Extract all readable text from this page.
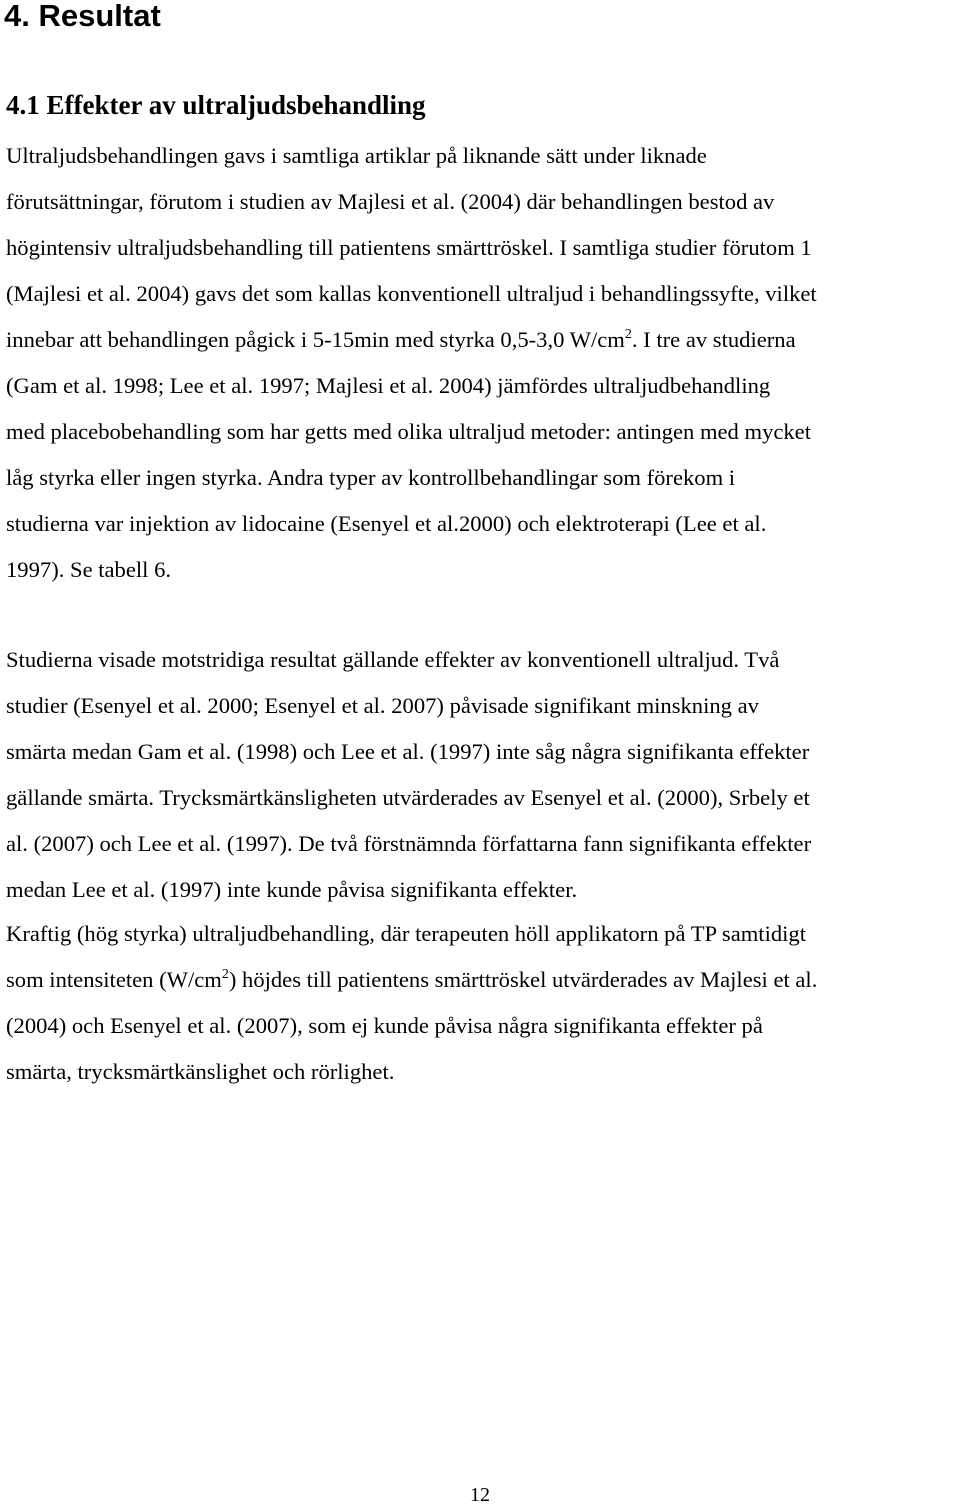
4. Resultat
4.1 Effekter av ultraljudsbehandling
Ultraljudsbehandlingen gavs i samtliga artiklar på liknande sätt under liknade
förutsättningar, förutom i studien av Majlesi et al. (2004) där behandlingen bestod av
högintensiv ultraljudsbehandling till patientens smärttröskel. I samtliga studier förutom 1
(Majlesi et al. 2004) gavs det som kallas konventionell ultraljud i behandlingssyfte, vilket
innebar att behandlingen pågick i 5-15min med styrka 0,5-3,0 $W/cm^2$. I tre av studierna
(Gam et al. 1998; Lee et al. 1997; Majlesi et al. 2004) jämfördes ultraljudbehandling
med placebobehandling som har getts med olika ultraljud metoder: antingen med mycket
låg styrka eller ingen styrka. Andra typer av kontrollbehandlingar som förekom i
studierna var injektion av lidocaine (Esenyel et al.2000) och elektroterapi (Lee et al.
1997). Se tabell 6.
Studierna visade motstridiga resultat gällande effekter av konventionell ultraljud. Två
studier (Esenyel et al. 2000; Esenyel et al. 2007) påvisade signifikant minskning av
smärta medan Gam et al. (1998) och Lee et al. (1997) inte såg några signifikanta effekter
gällande smärta. Trycksmärtkänsligheten utvärderades av Esenyel et al. (2000), Srbely et
al. (2007) och Lee et al. (1997). De två förstnämnda författarna fann signifikanta effekter
medan Lee et al. (1997) inte kunde påvisa signifikanta effekter.
Kraftig (hög styrka) ultraljudbehandling, där terapeuten höll applikatorn på TP samtidigt
som intensiteten $(W/cm^2)$ höjdes till patientens smärttröskel utvärderades av Majlesi et al.
(2004) och Esenyel et al. (2007), som ej kunde påvisa några signifikanta effekter på
smärta, trycksmärtkänslighet och rörlighet.
12
